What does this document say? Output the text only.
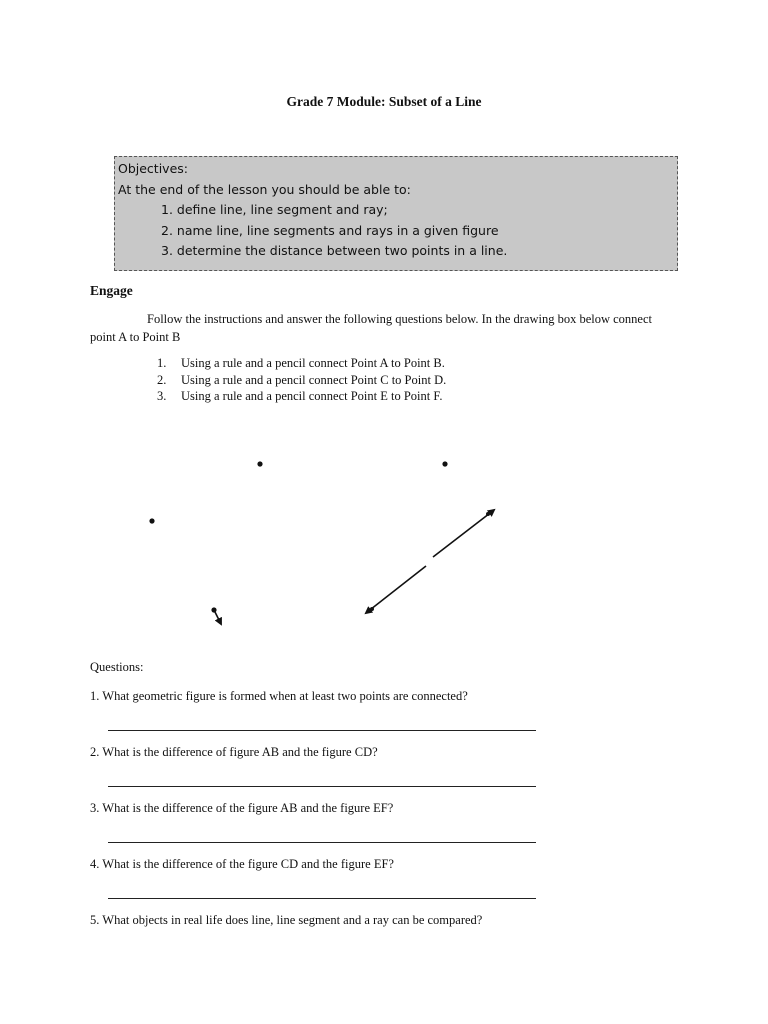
Grade 7 Module: Subset of a Line
Objectives:
At the end of the lesson you should be able to:
1. define line, line segment and ray;
2. name line, line segments and rays in a given figure
3. determine the distance between two points in a line.
Engage
Follow the instructions and answer the following questions below. In the drawing box below connect point A to Point B
1.	Using a rule and a pencil connect Point A to Point B.
2.	Using a rule and a pencil connect Point C to Point D.
3.	Using a rule and a pencil connect Point E to Point F.
Questions:
1. What geometric figure is formed when at least two points are connected?
2. What is the difference of figure AB and the figure CD?
3. What is the difference of the figure AB and the figure EF?
4. What is the difference of the figure CD and the figure EF?
5. What objects in real life does line, line segment and a ray can be compared?
